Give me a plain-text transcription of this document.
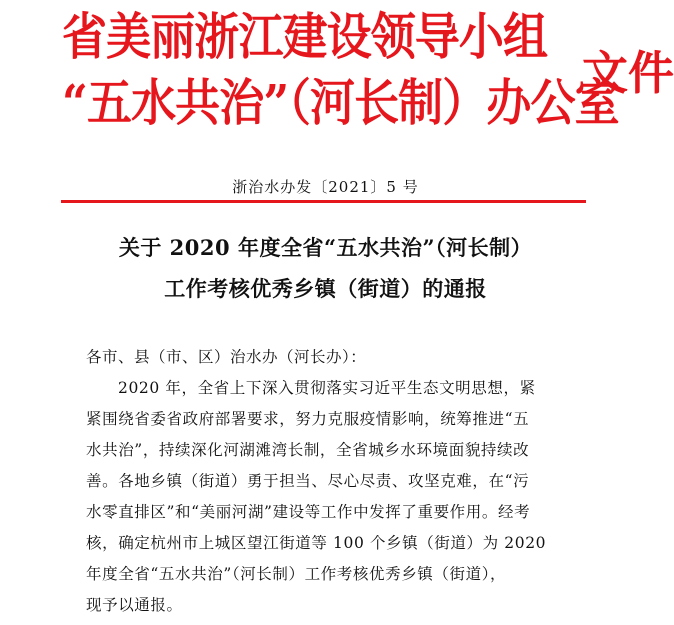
省美丽浙江建设领导小组
“五水共治”（河长制）办公室
文件
浙治水办发〔2021〕5 号
关于 2020 年度全省“五水共治”（河长制）
工作考核优秀乡镇（街道）的通报
各市、县（市、区）治水办（河长办）：
2020 年，全省上下深入贯彻落实习近平生态文明思想，紧
紧围绕省委省政府部署要求，努力克服疫情影响，统筹推进“五
水共治”，持续深化河湖滩湾长制，全省城乡水环境面貌持续改
善。各地乡镇（街道）勇于担当、尽心尽责、攻坚克难，在“污
水零直排区”和“美丽河湖”建设等工作中发挥了重要作用。经考
核，确定杭州市上城区望江街道等 100 个乡镇（街道）为 2020
年度全省“五水共治”（河长制）工作考核优秀乡镇（街道），
现予以通报。
